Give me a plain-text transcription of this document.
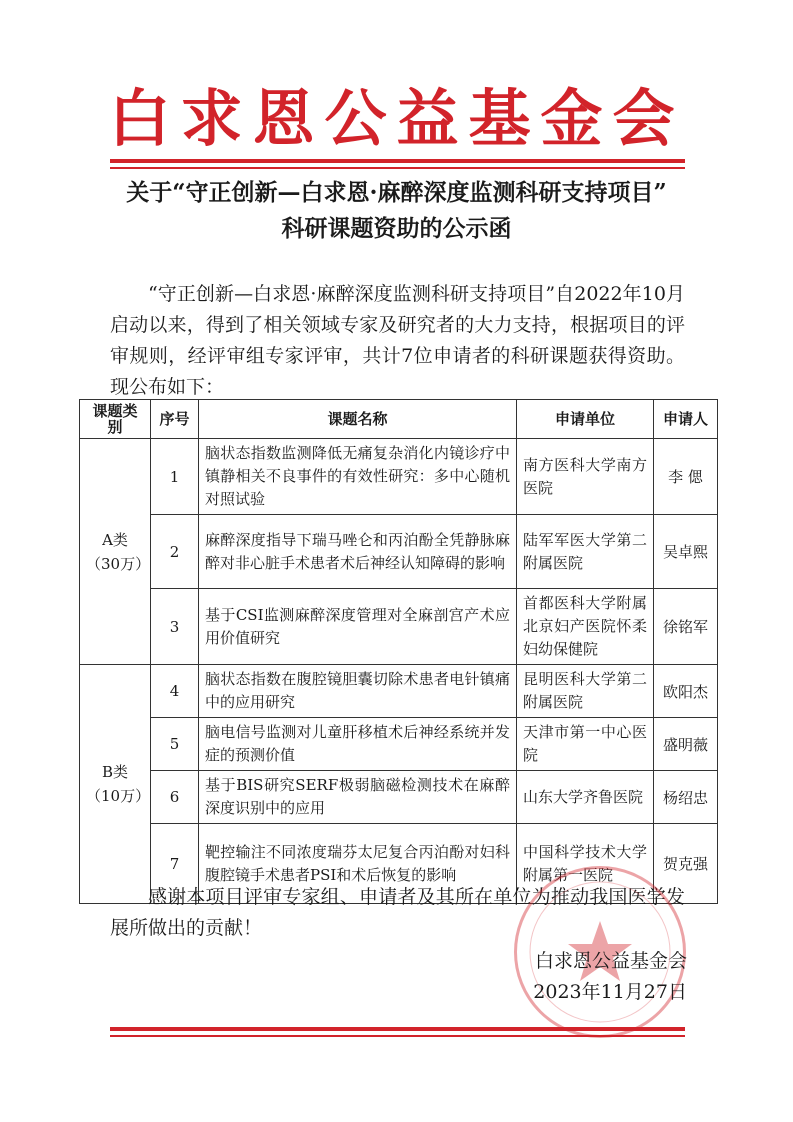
白求恩公益基金会
关于“守正创新—白求恩·麻醉深度监测科研支持项目”
科研课题资助的公示函
“守正创新—白求恩·麻醉深度监测科研支持项目”自2022年10月启动以来，得到了相关领域专家及研究者的大力支持，根据项目的评审规则，经评审组专家评审，共计7位申请者的科研课题获得资助。现公布如下：
课题类别	序号	课题名称	申请单位	申请人

A类
（30万）	1	脑状态指数监测降低无痛复杂消化内镜诊疗中镇静相关不良事件的有效性研究：多中心随机对照试验	南方医科大学南方医院	李 偲
	2	麻醉深度指导下瑞马唑仑和丙泊酚全凭静脉麻醉对非心脏手术患者术后神经认知障碍的影响	陆军军医大学第二附属医院	吴卓熙
	3	基于CSI监测麻醉深度管理对全麻剖宫产术应用价值研究	首都医科大学附属北京妇产医院怀柔妇幼保健院	徐铭军

B类
（10万）	4	脑状态指数在腹腔镜胆囊切除术患者电针镇痛中的应用研究	昆明医科大学第二附属医院	欧阳杰
	5	脑电信号监测对儿童肝移植术后神经系统并发症的预测价值	天津市第一中心医院	盛明薇
	6	基于BIS研究SERF极弱脑磁检测技术在麻醉深度识别中的应用	山东大学齐鲁医院	杨绍忠
	7	靶控输注不同浓度瑞芬太尼复合丙泊酚对妇科腹腔镜手术患者PSI和术后恢复的影响	中国科学技术大学附属第一医院	贺克强
感谢本项目评审专家组、申请者及其所在单位为推动我国医学发展所做出的贡献！
白求恩公益基金会
2023年11月27日
